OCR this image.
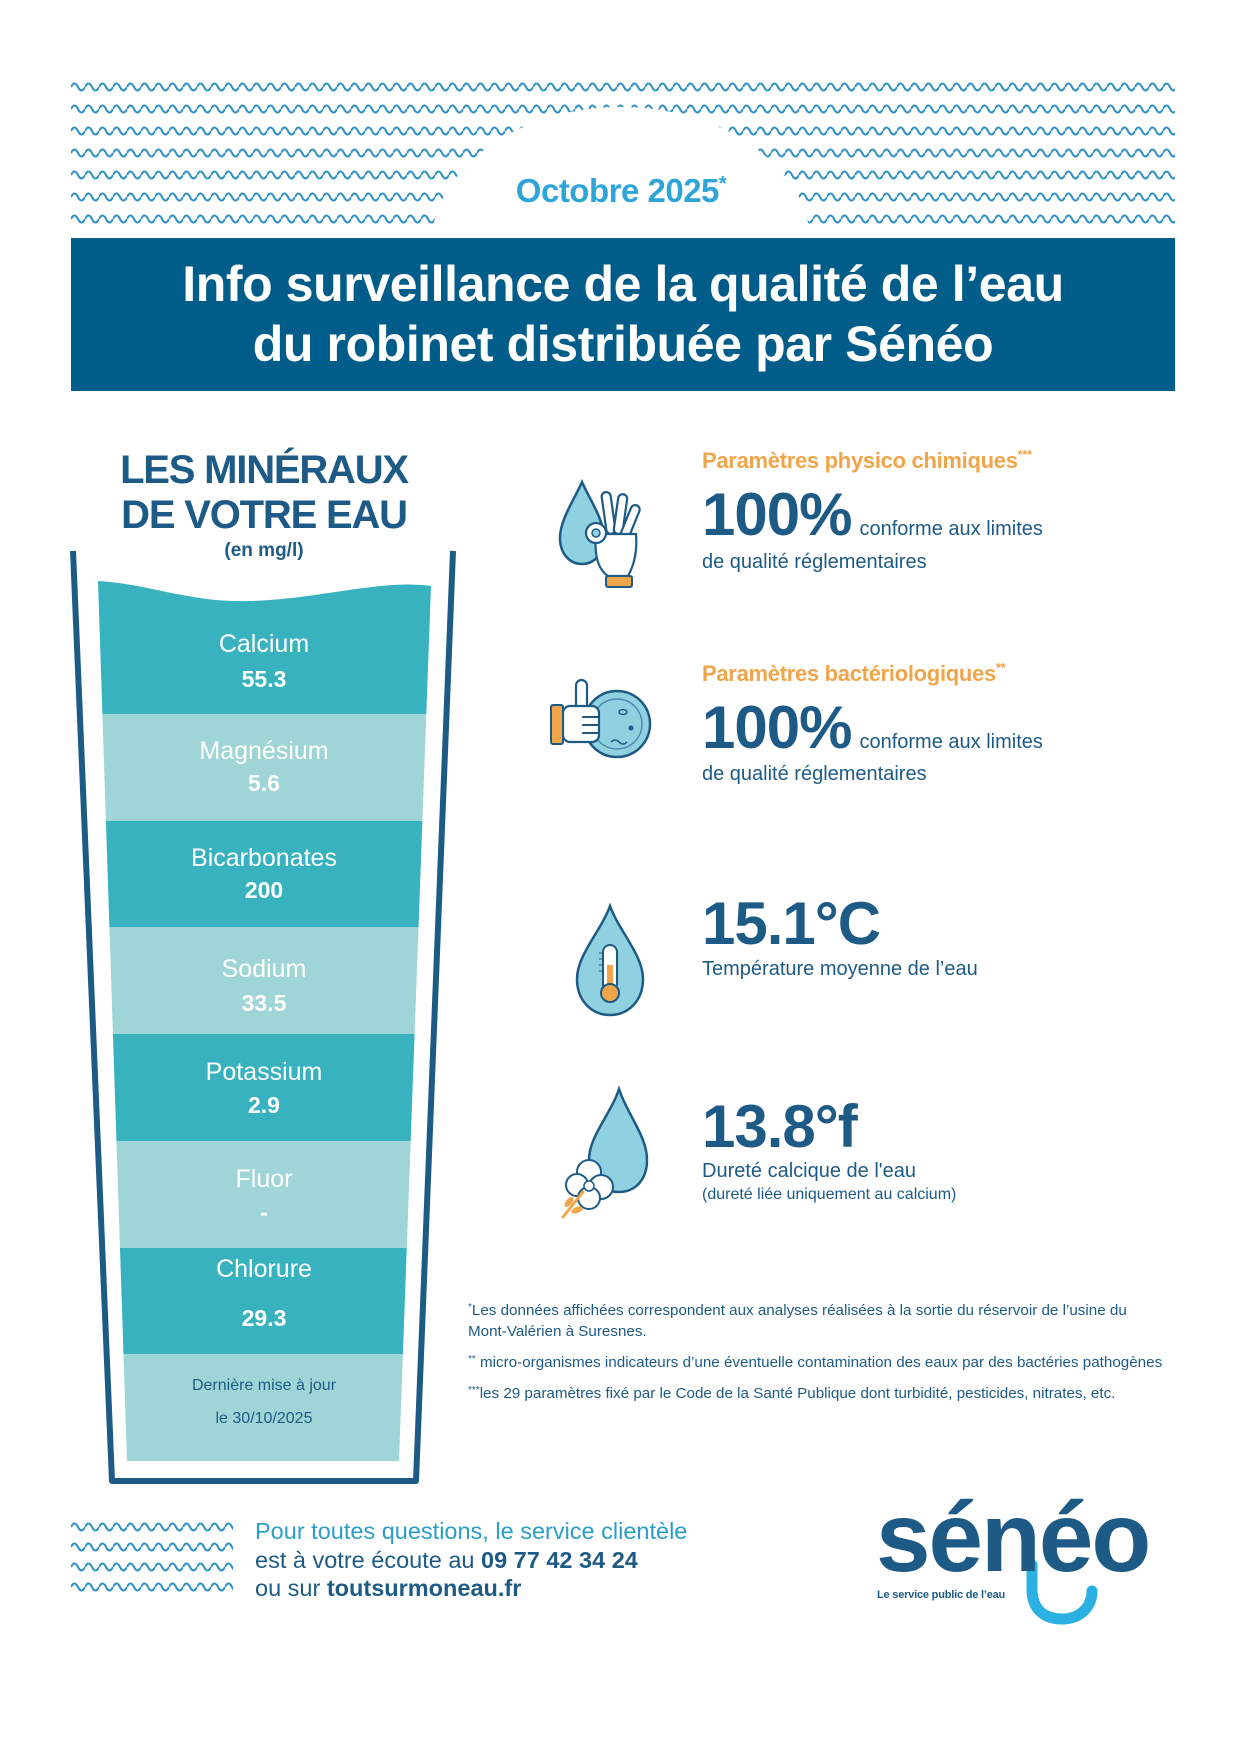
Octobre 2025*
Info surveillance de la qualité de l’eau
du robinet distribuée par Sénéo
LES MINÉRAUX
DE VOTRE EAU
(en mg/l)
Calcium
55.3
Magnésium
5.6
Bicarbonates
200
Sodium
33.5
Potassium
2.9
Fluor
-
Chlorure
29.3
Dernière mise à jour
le 30/10/2025
Paramètres physico chimiques***
100% conforme aux limites
de qualité réglementaires
Paramètres bactériologiques**
100% conforme aux limites
de qualité réglementaires
15.1°C
Température moyenne de l’eau
13.8°f
Dureté calcique de l'eau
(dureté liée uniquement au calcium)

*Les données affichées correspondent aux analyses réalisées à la sortie du réservoir de l’usine du Mont-Valérien à Suresnes.

** micro-organismes indicateurs d’une éventuelle contamination des eaux par des bactéries pathogènes

***les 29 paramètres fixé par le Code de la Santé Publique dont turbidité, pesticides, nitrates, etc.

Pour toutes questions, le service clientèle
est à votre écoute au 09 77 42 34 24
ou sur toutsurmoneau.fr	sénéo
Le service public de l’eau
